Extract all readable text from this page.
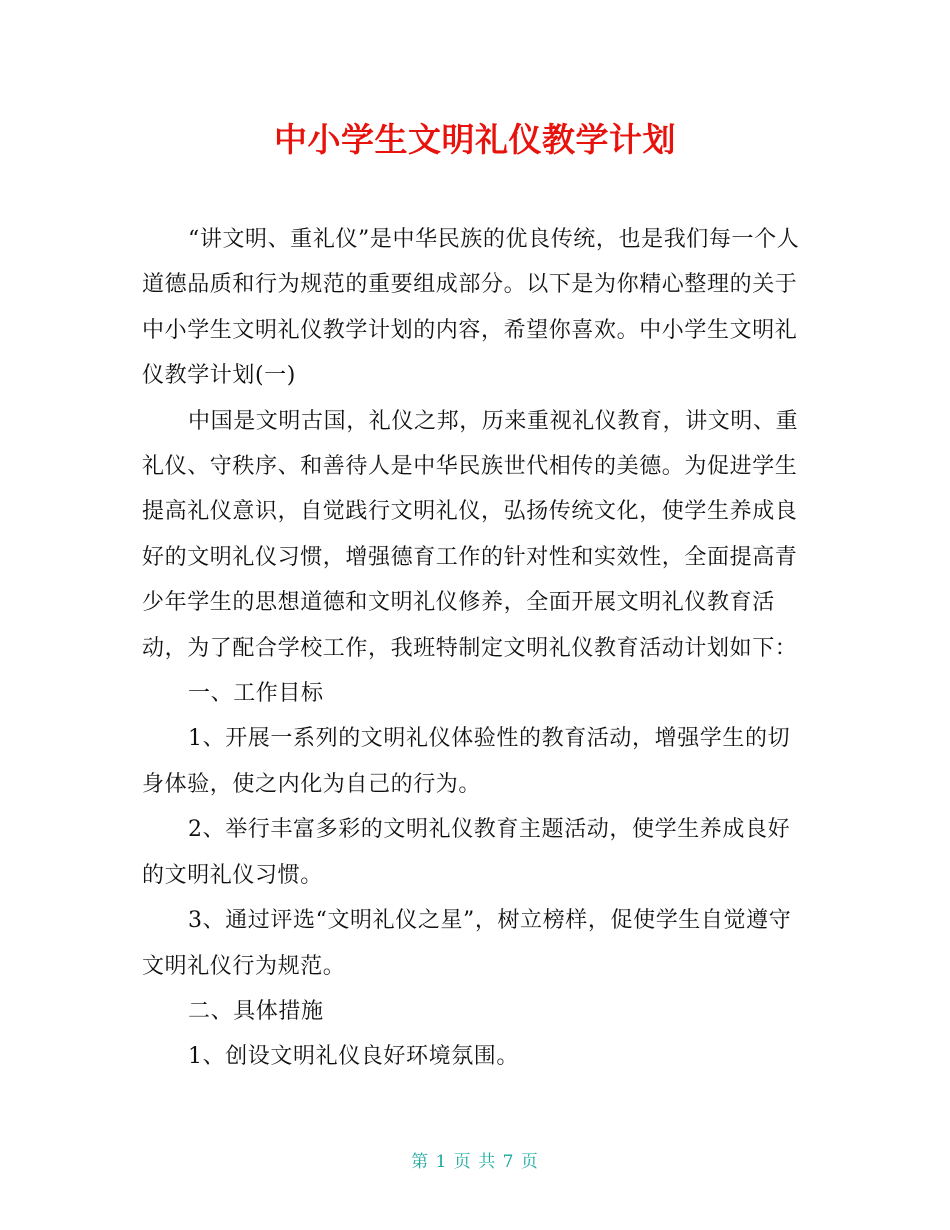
中小学生文明礼仪教学计划

“讲文明、重礼仪”是中华民族的优良传统，也是我们每一个人道德品质和行为规范的重要组成部分。以下是为你精心整理的关于中小学生文明礼仪教学计划的内容，希望你喜欢。中小学生文明礼仪教学计划(一)

中国是文明古国，礼仪之邦，历来重视礼仪教育，讲文明、重礼仪、守秩序、和善待人是中华民族世代相传的美德。为促进学生提高礼仪意识，自觉践行文明礼仪，弘扬传统文化，使学生养成良好的文明礼仪习惯，增强德育工作的针对性和实效性，全面提高青少年学生的思想道德和文明礼仪修养，全面开展文明礼仪教育活动，为了配合学校工作，我班特制定文明礼仪教育活动计划如下：

一、工作目标

1、开展一系列的文明礼仪体验性的教育活动，增强学生的切身体验，使之内化为自己的行为。

2、举行丰富多彩的文明礼仪教育主题活动，使学生养成良好的文明礼仪习惯。

3、通过评选“文明礼仪之星”，树立榜样，促使学生自觉遵守文明礼仪行为规范。

二、具体措施

1、创设文明礼仪良好环境氛围。

第 1 页 共 7 页
